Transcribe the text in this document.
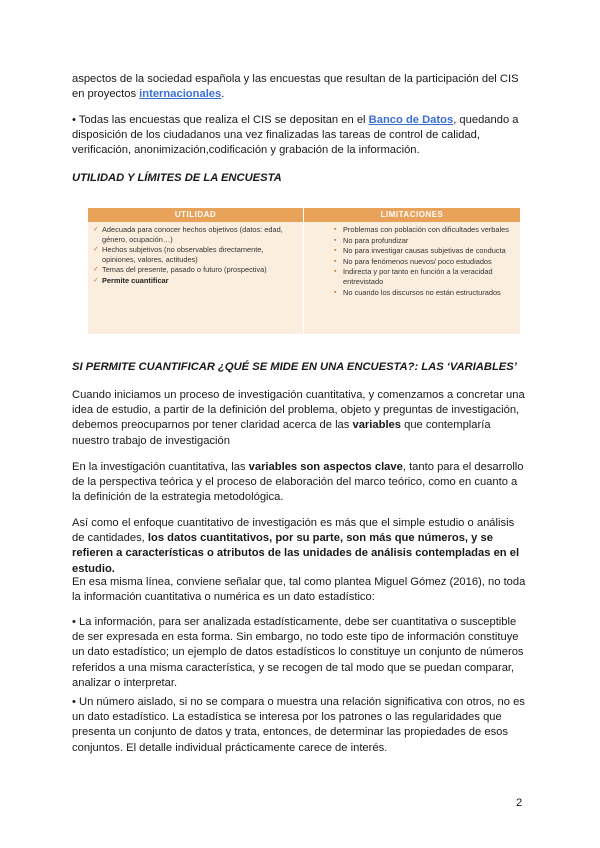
aspectos de la sociedad española y las encuestas que resultan de la participación del CIS
en proyectos internacionales.

• Todas las encuestas que realiza el CIS se depositan en el Banco de Datos, quedando a disposición de los ciudadanos una vez finalizadas las tareas de control de calidad, verificación, anonimización,codificación y grabación de la información.

UTILIDAD Y LÍMITES DE LA ENCUESTA

UTILIDAD	LIMITACIONES
✓ Adecuada para conocer hechos objetivos (datos: edad, género, ocupación…)
✓ Hechos subjetivos (no observables directamente, opiniones, valores, actitudes)
✓ Temas del presente, pasado o futuro (prospectiva)
✓ Permite cuantificar
▪ Problemas con población con dificultades verbales
▪ No para profundizar
▪ No para investigar causas subjetivas de conducta
▪ No para fenómenos nuevos/ poco estudiados
▪ Indirecta y por tanto en función a la veracidad entrevistado
▪ No cuando los discursos no están estructurados

SI PERMITE CUANTIFICAR ¿QUÉ SE MIDE EN UNA ENCUESTA?: LAS ‘VARIABLES’

Cuando iniciamos un proceso de investigación cuantitativa, y comenzamos a concretar una idea de estudio, a partir de la definición del problema, objeto y preguntas de investigación, debemos preocuparnos por tener claridad acerca de las variables que contemplaría nuestro trabajo de investigación

En la investigación cuantitativa, las variables son aspectos clave, tanto para el desarrollo de la perspectiva teórica y el proceso de elaboración del marco teórico, como en cuanto a la definición de la estrategia metodológica.

Así como el enfoque cuantitativo de investigación es más que el simple estudio o análisis de cantidades, los datos cuantitativos, por su parte, son más que números, y se refieren a características o atributos de las unidades de análisis contempladas en el estudio.

En esa misma línea, conviene señalar que, tal como plantea Miguel Gómez (2016), no toda la información cuantitativa o numérica es un dato estadístico:

• La información, para ser analizada estadísticamente, debe ser cuantitativa o susceptible de ser expresada en esta forma. Sin embargo, no todo este tipo de información constituye un dato estadístico; un ejemplo de datos estadísticos lo constituye un conjunto de números referidos a una misma característica, y se recogen de tal modo que se puedan comparar, analizar o interpretar.

• Un número aislado, si no se compara o muestra una relación significativa con otros, no es un dato estadístico. La estadística se interesa por los patrones o las regularidades que presenta un conjunto de datos y trata, entonces, de determinar las propiedades de esos conjuntos. El detalle individual prácticamente carece de interés.

2
